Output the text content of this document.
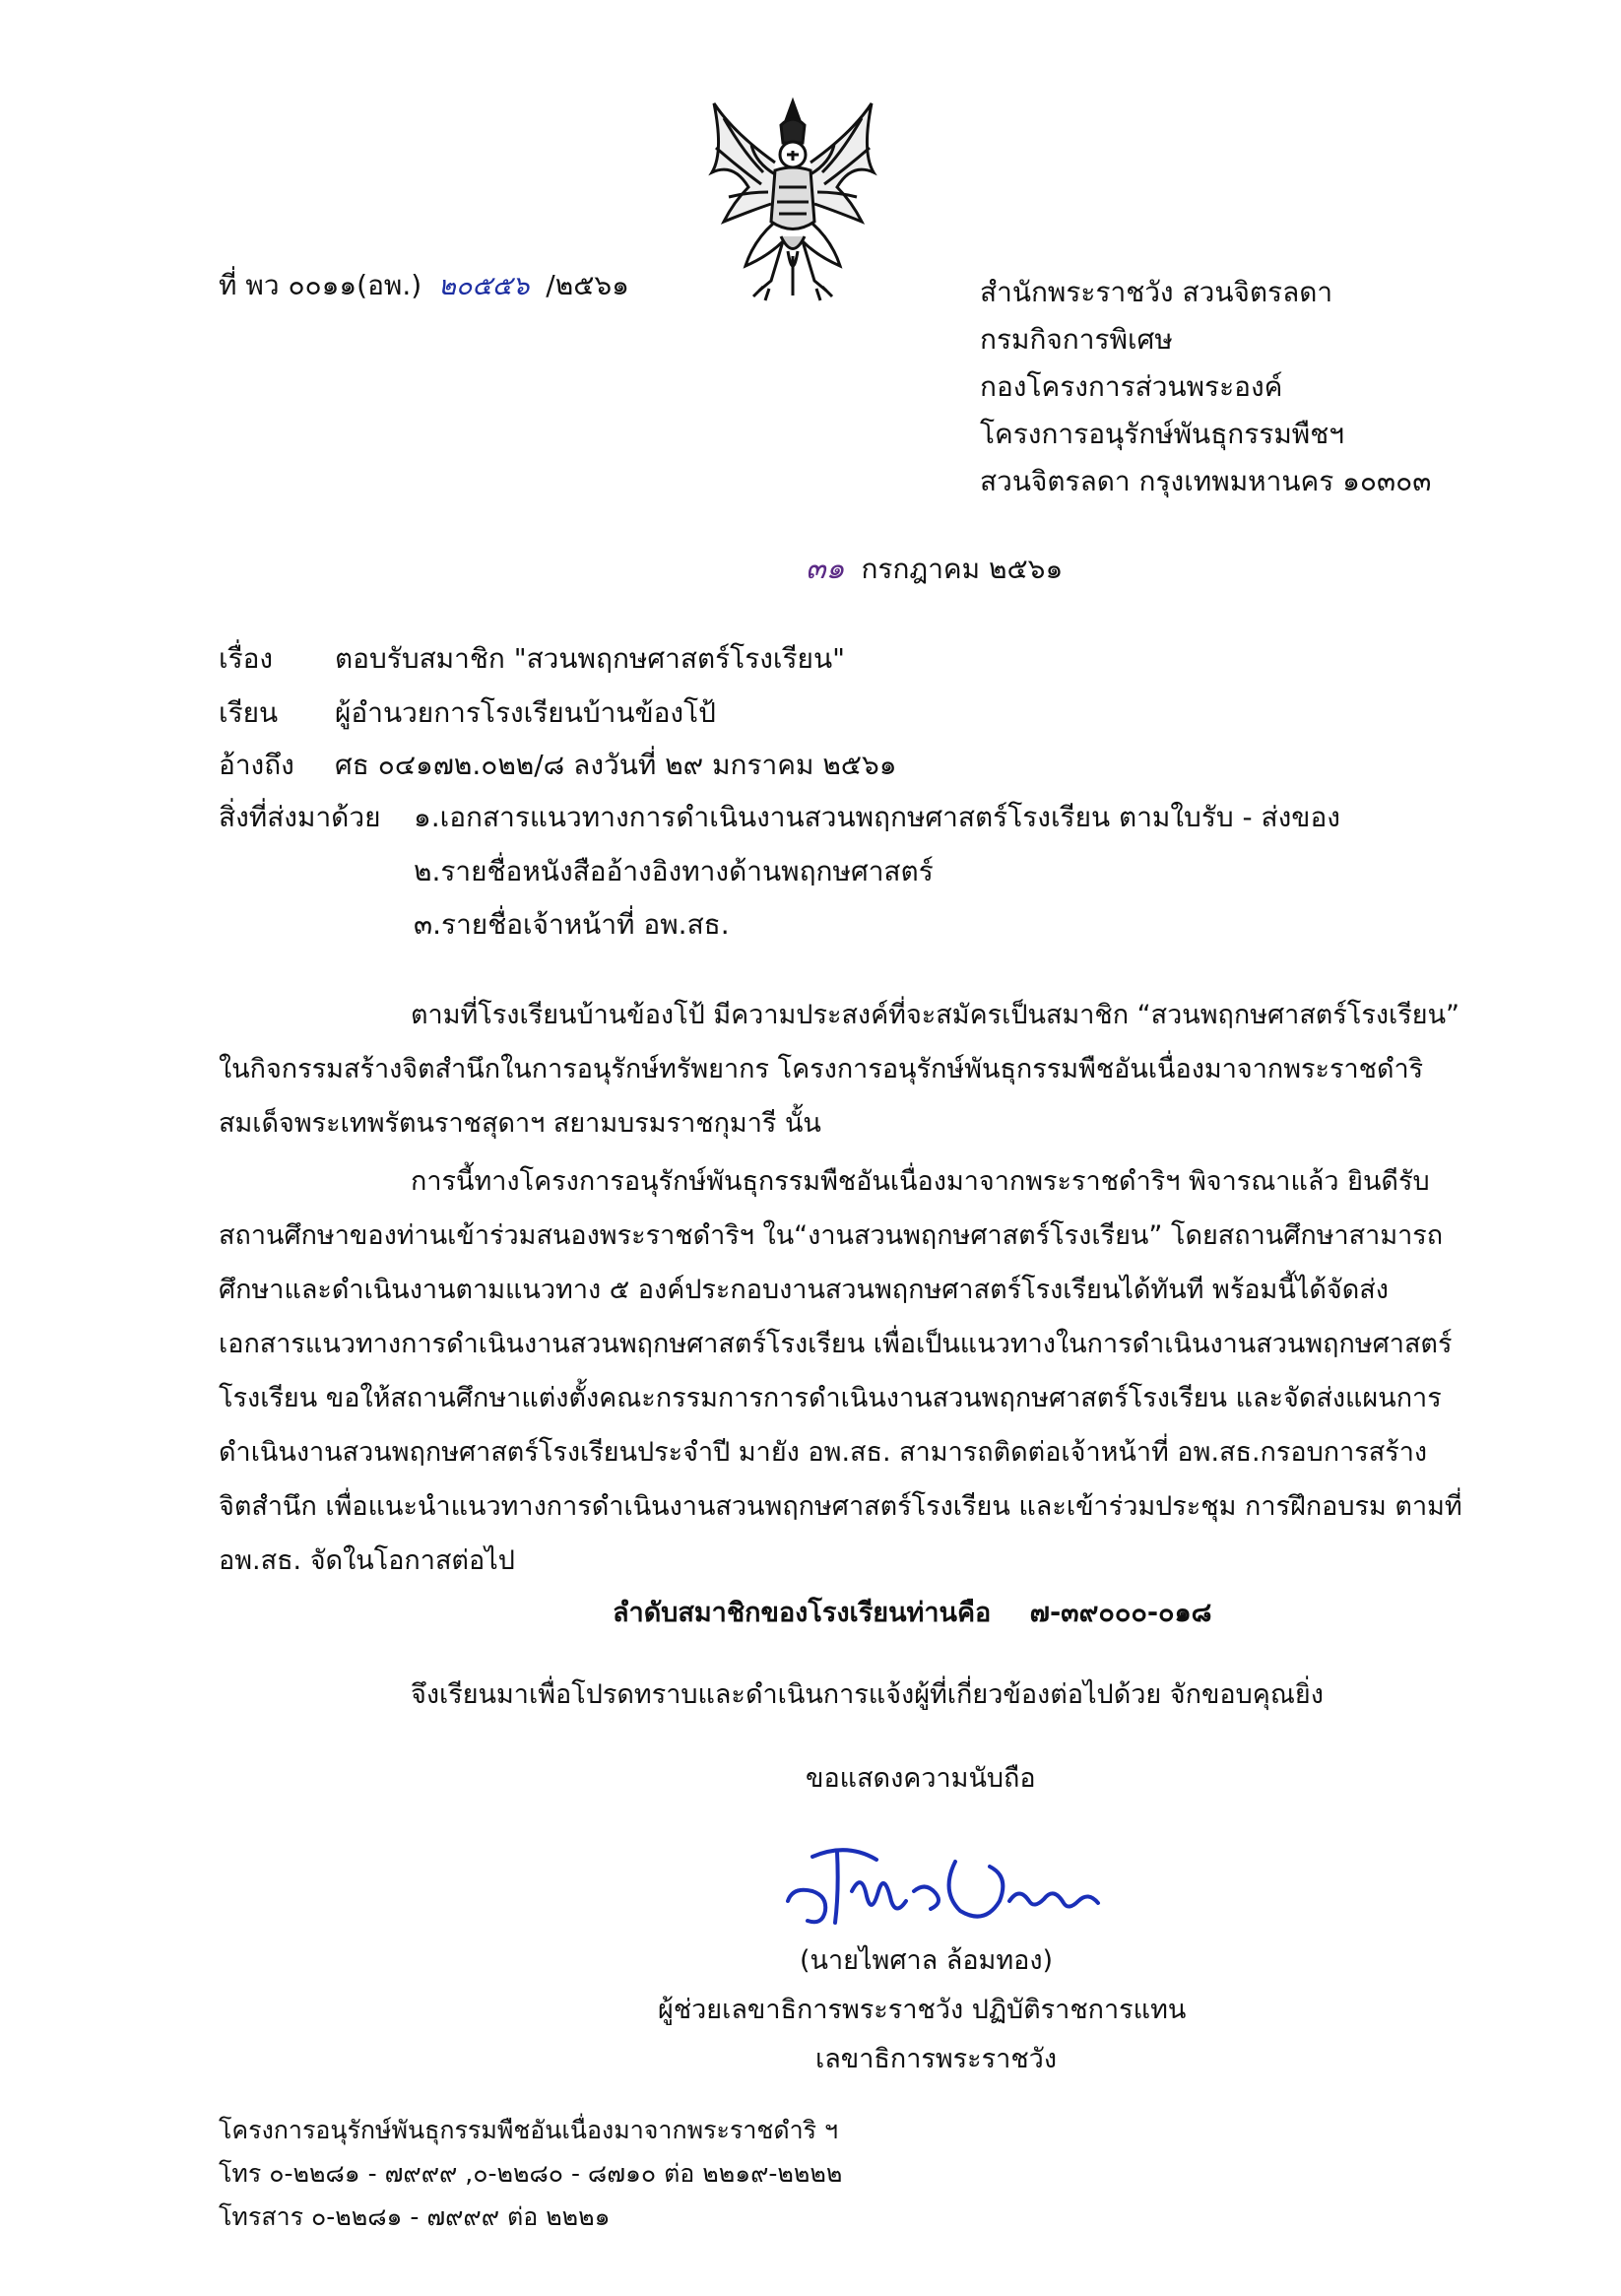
ที่ พว ๐๐๑๑(อพ.) ๒๐๕๕๖ /๒๕๖๑	สำนักพระราชวัง สวนจิตรลดา
กรมกิจการพิเศษ
กองโครงการส่วนพระองค์
โครงการอนุรักษ์พันธุกรรมพืชฯ
สวนจิตรลดา กรุงเทพมหานคร ๑๐๓๐๓
๓๑ กรกฎาคม ๒๕๖๑
เรื่อง ตอบรับสมาชิก "สวนพฤกษศาสตร์โรงเรียน"
เรียน ผู้อำนวยการโรงเรียนบ้านข้องโป้
อ้างถึง ศธ ๐๔๑๗๒.๐๒๒/๘ ลงวันที่ ๒๙ มกราคม ๒๕๖๑
สิ่งที่ส่งมาด้วย ๑.เอกสารแนวทางการดำเนินงานสวนพฤกษศาสตร์โรงเรียน ตามใบรับ - ส่งของ
๒.รายชื่อหนังสืออ้างอิงทางด้านพฤกษศาสตร์
๓.รายชื่อเจ้าหน้าที่ อพ.สธ.
ตามที่โรงเรียนบ้านข้องโป้ มีความประสงค์ที่จะสมัครเป็นสมาชิก “สวนพฤกษศาสตร์โรงเรียน”
ในกิจกรรมสร้างจิตสำนึกในการอนุรักษ์ทรัพยากร โครงการอนุรักษ์พันธุกรรมพืชอันเนื่องมาจากพระราชดำริ
สมเด็จพระเทพรัตนราชสุดาฯ สยามบรมราชกุมารี นั้น
การนี้ทางโครงการอนุรักษ์พันธุกรรมพืชอันเนื่องมาจากพระราชดำริฯ พิจารณาแล้ว ยินดีรับ
สถานศึกษาของท่านเข้าร่วมสนองพระราชดำริฯ ใน“งานสวนพฤกษศาสตร์โรงเรียน” โดยสถานศึกษาสามารถ
ศึกษาและดำเนินงานตามแนวทาง ๕ องค์ประกอบงานสวนพฤกษศาสตร์โรงเรียนได้ทันที พร้อมนี้ได้จัดส่ง
เอกสารแนวทางการดำเนินงานสวนพฤกษศาสตร์โรงเรียน เพื่อเป็นแนวทางในการดำเนินงานสวนพฤกษศาสตร์
โรงเรียน ขอให้สถานศึกษาแต่งตั้งคณะกรรมการการดำเนินงานสวนพฤกษศาสตร์โรงเรียน และจัดส่งแผนการ
ดำเนินงานสวนพฤกษศาสตร์โรงเรียนประจำปี มายัง อพ.สธ. สามารถติดต่อเจ้าหน้าที่ อพ.สธ.กรอบการสร้าง
จิตสำนึก เพื่อแนะนำแนวทางการดำเนินงานสวนพฤกษศาสตร์โรงเรียน และเข้าร่วมประชุม การฝึกอบรม ตามที่
อพ.สธ. จัดในโอกาสต่อไป
ลำดับสมาชิกของโรงเรียนท่านคือ ๗-๓๙๐๐๐-๐๑๘
จึงเรียนมาเพื่อโปรดทราบและดำเนินการแจ้งผู้ที่เกี่ยวข้องต่อไปด้วย จักขอบคุณยิ่ง
ขอแสดงความนับถือ
(นายไพศาล ล้อมทอง)
ผู้ช่วยเลขาธิการพระราชวัง ปฏิบัติราชการแทน
เลขาธิการพระราชวัง
โครงการอนุรักษ์พันธุกรรมพืชอันเนื่องมาจากพระราชดำริ ฯ
โทร ๐-๒๒๘๑ - ๗๙๙๙ ,๐-๒๒๘๐ - ๘๗๑๐ ต่อ ๒๒๑๙-๒๒๒๒
โทรสาร ๐-๒๒๘๑ - ๗๙๙๙ ต่อ ๒๒๒๑
